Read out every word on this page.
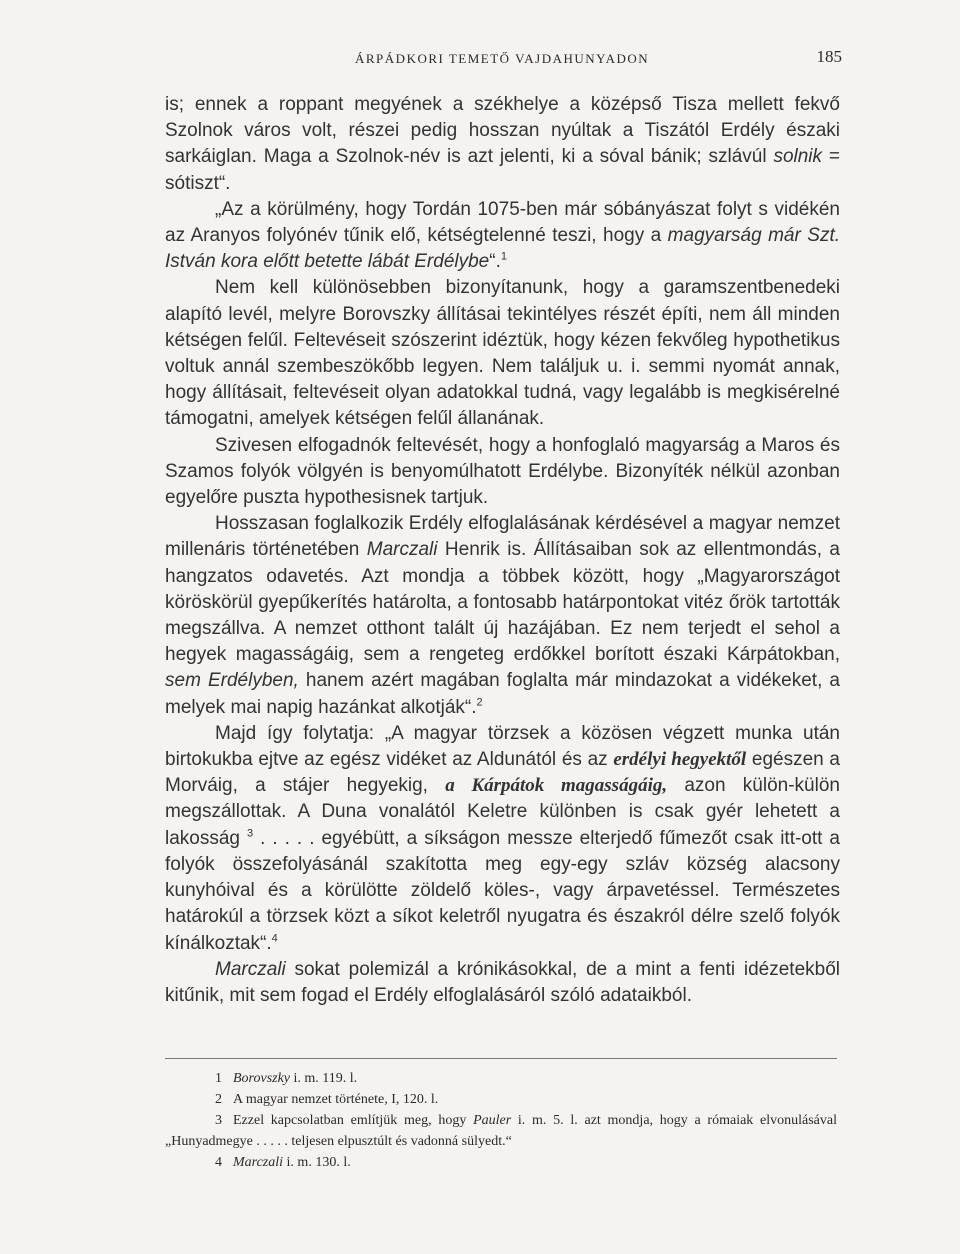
ÁRPÁDKORI TEMETŐ VAJDAHUNYADON	185

is; ennek a roppant megyének a székhelye a középső Tisza mellett fekvő Szolnok város volt, részei pedig hosszan nyúltak a Tiszától Erdély északi sarkáiglan. Maga a Szolnok-név is azt jelenti, ki a sóval bánik; szlávúl solnik = sótiszt“.

„Az a körülmény, hogy Tordán 1075-ben már sóbányászat folyt s vidékén az Aranyos folyónév tűnik elő, kétségtelenné teszi, hogy a magyarság már Szt. István kora előtt betette lábát Erdélybe“.$^1$

Nem kell különösebben bizonyítanunk, hogy a garamszentbenedeki alapító levél, melyre Borovszky állításai tekintélyes részét építi, nem áll minden kétségen felűl. Feltevéseit szószerint idéztük, hogy kézen fekvőleg hypothetikus voltuk annál szembeszökőbb legyen. Nem találjuk u. i. semmi nyomát annak, hogy állításait, feltevéseit olyan adatokkal tudná, vagy legalább is megkisérelné támogatni, amelyek kétségen felűl állanának.

Szivesen elfogadnók feltevését, hogy a honfoglaló magyarság a Maros és Szamos folyók völgyén is benyomúlhatott Erdélybe. Bizonyíték nélkül azonban egyelőre puszta hypothesisnek tartjuk.

Hosszasan foglalkozik Erdély elfoglalásának kérdésével a magyar nemzet millenáris történetében Marczali Henrik is. Állításaiban sok az ellentmondás, a hangzatos odavetés. Azt mondja a többek között, hogy „Magyarországot köröskörül gyepűkerítés határolta, a fontosabb határpontokat vitéz őrök tartották megszállva. A nemzet otthont talált új hazájában. Ez nem terjedt el sehol a hegyek magasságáig, sem a rengeteg erdőkkel borított északi Kárpátokban, sem Erdélyben, hanem azért magában foglalta már mindazokat a vidékeket, a melyek mai napig hazánkat alkotják“.$^2$

Majd így folytatja: „A magyar törzsek a közösen végzett munka után birtokukba ejtve az egész vidéket az Aldunától és az erdélyi hegyektől egészen a Morváig, a stájer hegyekig, a Kárpátok magasságáig, azon külön-külön megszállottak. A Duna vonalától Keletre különben is csak gyér lehetett a lakosság $^3$ . . . . . egyébütt, a síkságon messze elterjedő fűmezőt csak itt-ott a folyók összefolyásánál szakította meg egy-egy szláv község alacsony kunyhóival és a körülötte zöldelő köles-, vagy árpavetéssel. Természetes határokúl a törzsek közt a síkot keletről nyugatra és északról délre szelő folyók kínálkoztak“.$^4$

Marczali sokat polemizál a krónikásokkal, de a mint a fenti idézetekből kitűnik, mit sem fogad el Erdély elfoglalásáról szóló adataikból.

1 Borovszky i. m. 119. l.

2 A magyar nemzet története, I, 120. l.

3 Ezzel kapcsolatban említjük meg, hogy Pauler i. m. 5. l. azt mondja, hogy a rómaiak elvonulásával „Hunyadmegye . . . . . teljesen elpusztúlt és vadonná sülyedt.“

4 Marczali i. m. 130. l.
